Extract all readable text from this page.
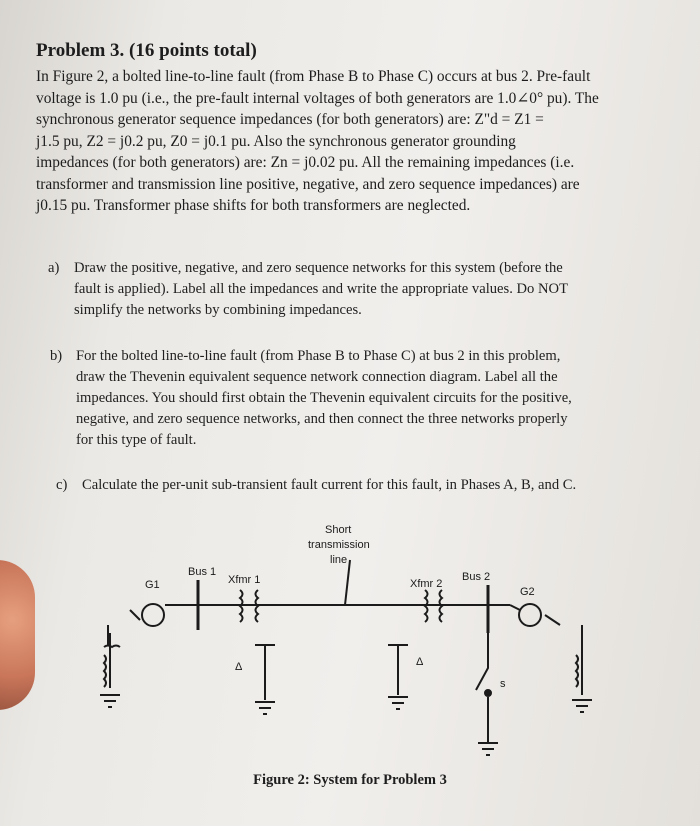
Problem 3. (16 points total)

In Figure 2, a bolted line-to-line fault (from Phase B to Phase C) occurs at bus 2. Pre-fault

voltage is 1.0 pu (i.e., the pre-fault internal voltages of both generators are 1.0∠0° pu). The

synchronous generator sequence impedances (for both generators) are: Z"d = Z1 =

j1.5 pu, Z2 = j0.2 pu, Z0 = j0.1 pu. Also the synchronous generator grounding

impedances (for both generators) are: Zn = j0.02 pu. All the remaining impedances (i.e.

transformer and transmission line positive, negative, and zero sequence impedances) are

j0.15 pu. Transformer phase shifts for both transformers are neglected.

a) Draw the positive, negative, and zero sequence networks for this system (before the
fault is applied). Label all the impedances and write the appropriate values. Do NOT
simplify the networks by combining impedances.
b) For the bolted line-to-line fault (from Phase B to Phase C) at bus 2 in this problem,
draw the Thevenin equivalent sequence network connection diagram. Label all the
impedances. You should first obtain the Thevenin equivalent circuits for the positive,
negative, and zero sequence networks, and then connect the three networks properly
for this type of fault.
c) Calculate the per-unit sub-transient fault current for this fault, in Phases A, B, and C.
Short
transmission
line
Bus 1	Bus 2
G1
G2
Xfmr 1	Xfmr 2
Δ	Δ
s
Figure 2: System for Problem 3
